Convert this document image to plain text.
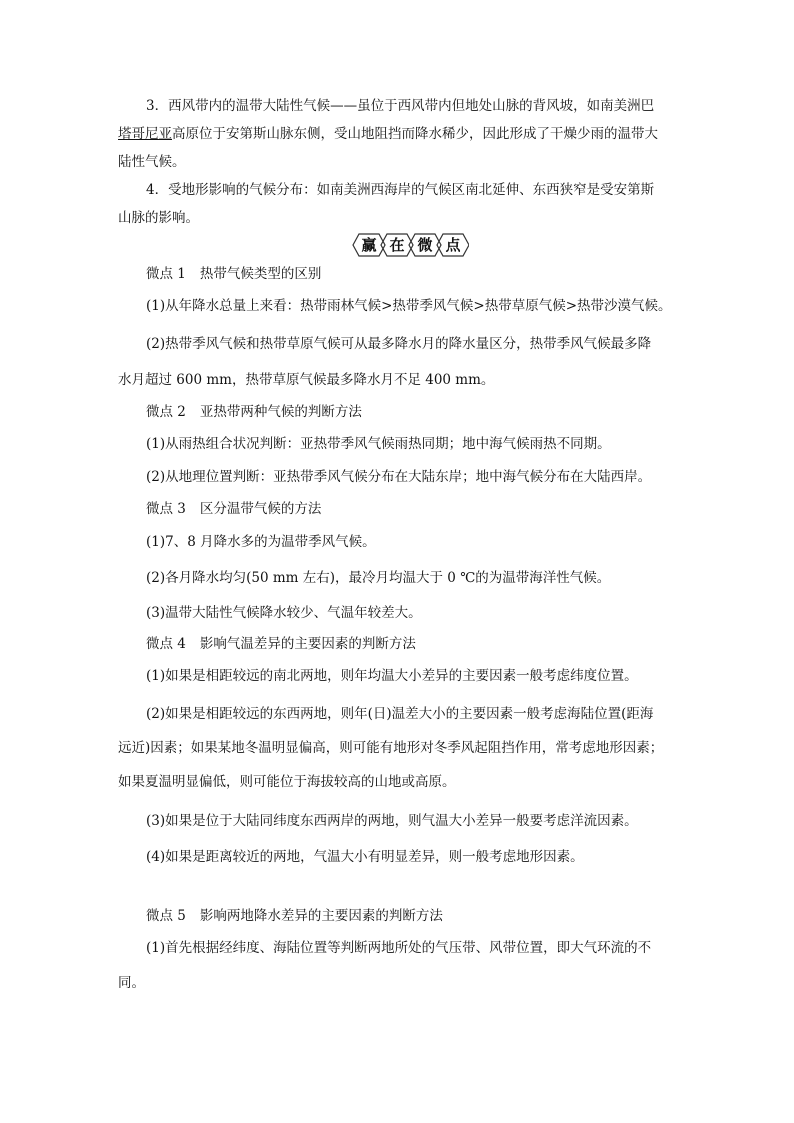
3．西风带内的温带大陆性气候——虽位于西风带内但地处山脉的背风坡，如南美洲巴
塔哥尼亚高原位于安第斯山脉东侧，受山地阻挡而降水稀少，因此形成了干燥少雨的温带大
陆性气候。
4．受地形影响的气候分布：如南美洲西海岸的气候区南北延伸、东西狭窄是受安第斯
山脉的影响。
赢 在 微 点
微点 1 热带气候类型的区别
(1)从年降水总量上来看：热带雨林气候>热带季风气候>热带草原气候>热带沙漠气候。
(2)热带季风气候和热带草原气候可从最多降水月的降水量区分，热带季风气候最多降
水月超过 600 mm，热带草原气候最多降水月不足 400 mm。
微点 2 亚热带两种气候的判断方法
(1)从雨热组合状况判断：亚热带季风气候雨热同期；地中海气候雨热不同期。
(2)从地理位置判断：亚热带季风气候分布在大陆东岸；地中海气候分布在大陆西岸。
微点 3 区分温带气候的方法
(1)7、8 月降水多的为温带季风气候。
(2)各月降水均匀(50 mm 左右)，最冷月均温大于 0 ℃的为温带海洋性气候。
(3)温带大陆性气候降水较少、气温年较差大。
微点 4 影响气温差异的主要因素的判断方法
(1)如果是相距较远的南北两地，则年均温大小差异的主要因素一般考虑纬度位置。
(2)如果是相距较远的东西两地，则年(日)温差大小的主要因素一般考虑海陆位置(距海
远近)因素；如果某地冬温明显偏高，则可能有地形对冬季风起阻挡作用，常考虑地形因素；
如果夏温明显偏低，则可能位于海拔较高的山地或高原。
(3)如果是位于大陆同纬度东西两岸的两地，则气温大小差异一般要考虑洋流因素。
(4)如果是距离较近的两地，气温大小有明显差异，则一般考虑地形因素。
微点 5 影响两地降水差异的主要因素的判断方法
(1)首先根据经纬度、海陆位置等判断两地所处的气压带、风带位置，即大气环流的不
同。
